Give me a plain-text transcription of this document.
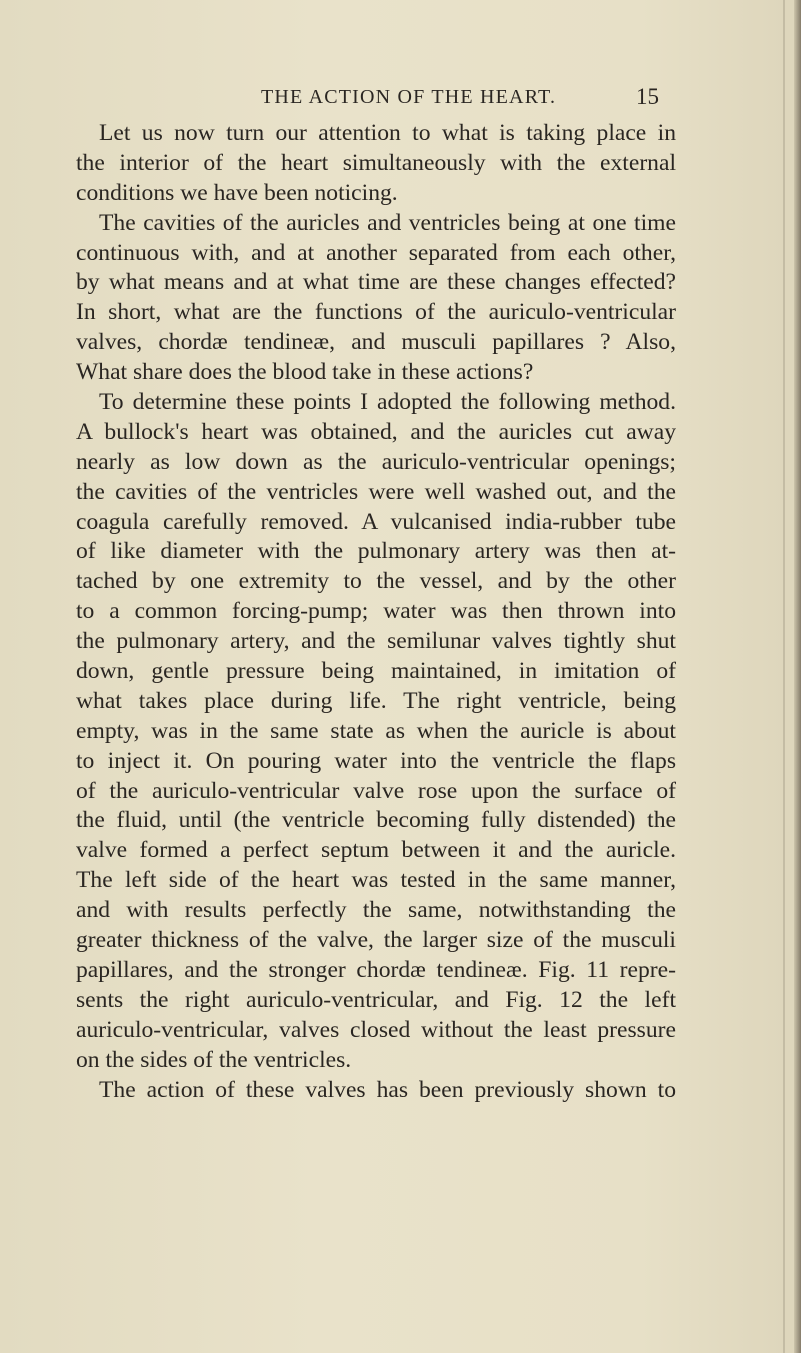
THE ACTION OF THE HEART.	15
Let us now turn our attention to what is taking place in
the interior of the heart simultaneously with the external
conditions we have been noticing.
The cavities of the auricles and ventricles being at one time
continuous with, and at another separated from each other,
by what means and at what time are these changes effected?
In short, what are the functions of the auriculo-ventricular
valves, chordæ tendineæ, and musculi papillares ? Also,
What share does the blood take in these actions?
To determine these points I adopted the following method.
A bullock's heart was obtained, and the auricles cut away
nearly as low down as the auriculo-ventricular openings;
the cavities of the ventricles were well washed out, and the
coagula carefully removed. A vulcanised india-rubber tube
of like diameter with the pulmonary artery was then at-
tached by one extremity to the vessel, and by the other
to a common forcing-pump; water was then thrown into
the pulmonary artery, and the semilunar valves tightly shut
down, gentle pressure being maintained, in imitation of
what takes place during life. The right ventricle, being
empty, was in the same state as when the auricle is about
to inject it. On pouring water into the ventricle the flaps
of the auriculo-ventricular valve rose upon the surface of
the fluid, until (the ventricle becoming fully distended) the
valve formed a perfect septum between it and the auricle.
The left side of the heart was tested in the same manner,
and with results perfectly the same, notwithstanding the
greater thickness of the valve, the larger size of the musculi
papillares, and the stronger chordæ tendineæ. Fig. 11 repre-
sents the right auriculo-ventricular, and Fig. 12 the left
auriculo-ventricular, valves closed without the least pressure
on the sides of the ventricles.
The action of these valves has been previously shown to
